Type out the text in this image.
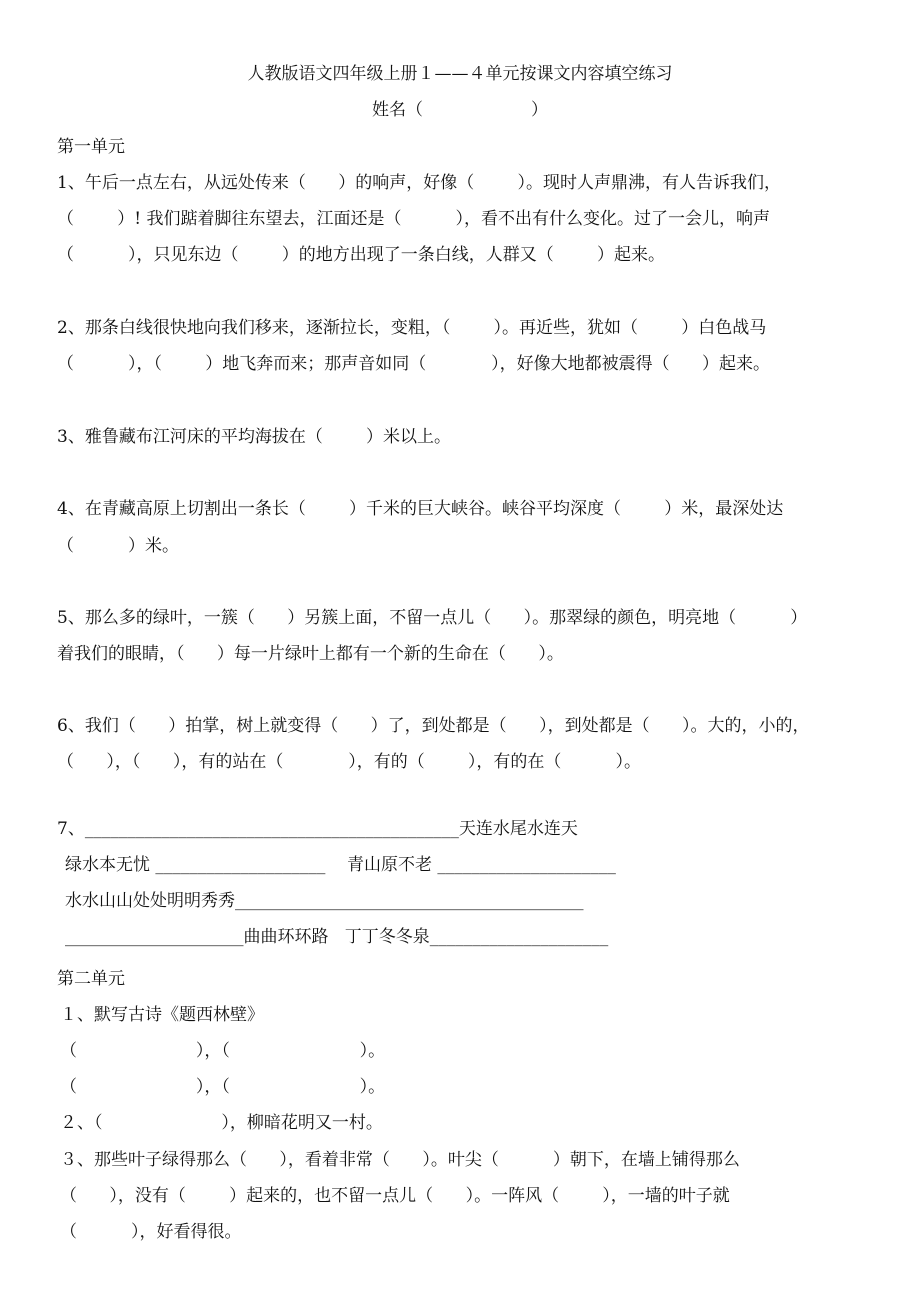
人教版语文四年级上册１——４单元按课文内容填空练习
姓名（                    ）
第一单元
1、午后一点左右，从远处传来（      ）的响声，好像（        ）。现时人声鼎沸，有人告诉我们，
（        ）! 我们踮着脚往东望去，江面还是（          ），看不出有什么变化。过了一会儿，响声
（          ），只见东边（        ）的地方出现了一条白线，人群又（        ）起来。
2、那条白线很快地向我们移来，逐渐拉长，变粗，（        ）。再近些，犹如（        ）白色战马
（          ），（        ）地飞奔而来；那声音如同（            ），好像大地都被震得（      ）起来。
3、雅鲁藏布江河床的平均海拔在（        ）米以上。
4、在青藏高原上切割出一条长（        ）千米的巨大峡谷。峡谷平均深度（        ）米，最深处达
（          ）米。
5、那么多的绿叶，一簇（      ）另簇上面，不留一点儿（      ）。那翠绿的颜色，明亮地（          ）
着我们的眼睛，（      ）每一片绿叶上都有一个新的生命在（      ）。
6、我们（      ）拍掌，树上就变得（      ）了，到处都是（      ），到处都是（      ）。大的，小的，
（      ），（      ），有的站在（            ），有的（        ），有的在（          ）。
7、____________________________________________天连水尾水连天
绿水本无忧 ____________________    青山原不老 _____________________
水水山山处处明明秀秀_________________________________________
_____________________曲曲环环路   丁丁冬冬泉_____________________
第二单元
１、默写古诗《题西林壁》
（                      ），（                        ）。
（                      ），（                        ）。
２、（                      ），柳暗花明又一村。
３、那些叶子绿得那么（      ），看着非常（      ）。叶尖（          ）朝下，在墙上铺得那么
（      ），没有（        ）起来的，也不留一点儿（      ）。一阵风（        ），一墙的叶子就
（          ），好看得很。
